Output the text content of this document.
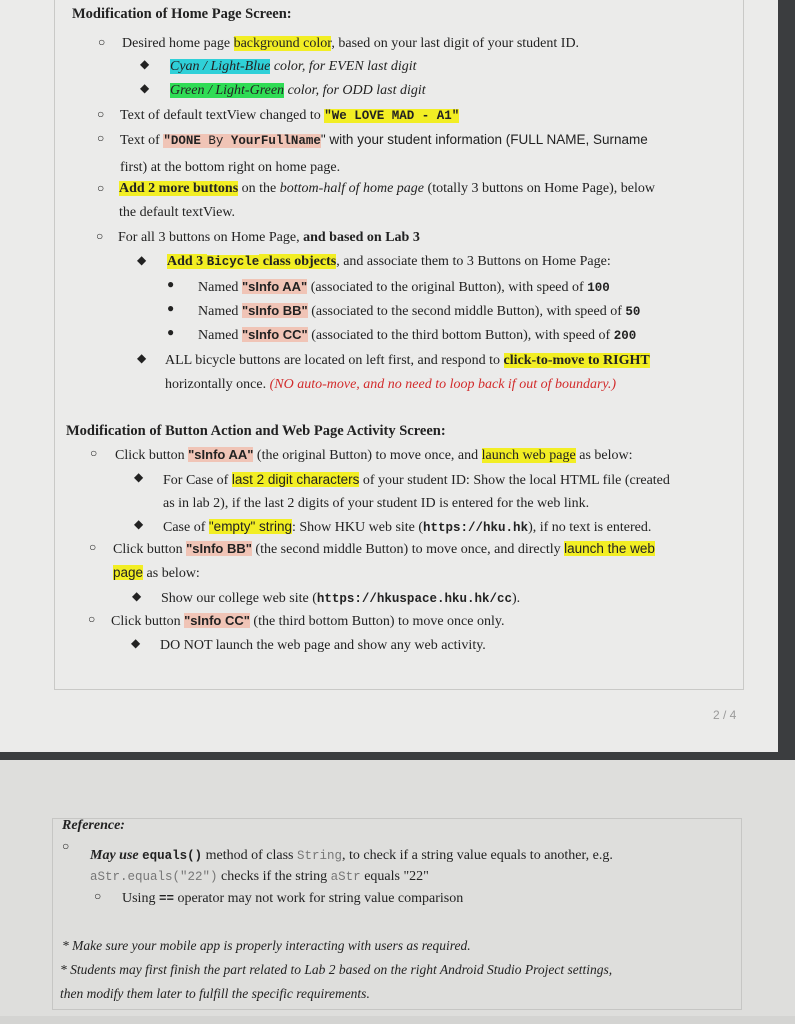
Modification of Home Page Screen:
○ Desired home page background color, based on your last digit of your student ID.
◆ Cyan / Light-Blue color, for EVEN last digit
◆ Green / Light-Green color, for ODD last digit
○ Text of default textView changed to "We LOVE MAD - A1"
○ Text of "DONE By YourFullName" with your student information (FULL NAME, Surname
first) at the bottom right on home page.
○ Add 2 more buttons on the bottom-half of home page (totally 3 buttons on Home Page), below
the default textView.
○ For all 3 buttons on Home Page, and based on Lab 3
◆ Add 3 Bicycle class objects, and associate them to 3 Buttons on Home Page:
● Named "sInfo AA" (associated to the original Button), with speed of 100
● Named "sInfo BB" (associated to the second middle Button), with speed of 50
● Named "sInfo CC" (associated to the third bottom Button), with speed of 200
◆ ALL bicycle buttons are located on left first, and respond to click-to-move to RIGHT
horizontally once. (NO auto-move, and no need to loop back if out of boundary.)
Modification of Button Action and Web Page Activity Screen:
○ Click button "sInfo AA" (the original Button) to move once, and launch web page as below:
◆ For Case of last 2 digit characters of your student ID: Show the local HTML file (created
as in lab 2), if the last 2 digits of your student ID is entered for the web link.
◆ Case of "empty" string: Show HKU web site (https://hku.hk), if no text is entered.
○ Click button "sInfo BB" (the second middle Button) to move once, and directly launch the web
page as below:
◆ Show our college web site (https://hkuspace.hku.hk/cc).
○ Click button "sInfo CC" (the third bottom Button) to move once only.
◆ DO NOT launch the web page and show any web activity.
2 / 4
Reference:
○
May use equals() method of class String, to check if a string value equals to another, e.g.
aStr.equals("22") checks if the string aStr equals "22"
○ Using == operator may not work for string value comparison
* Make sure your mobile app is properly interacting with users as required.
* Students may first finish the part related to Lab 2 based on the right Android Studio Project settings,
then modify them later to fulfill the specific requirements.
